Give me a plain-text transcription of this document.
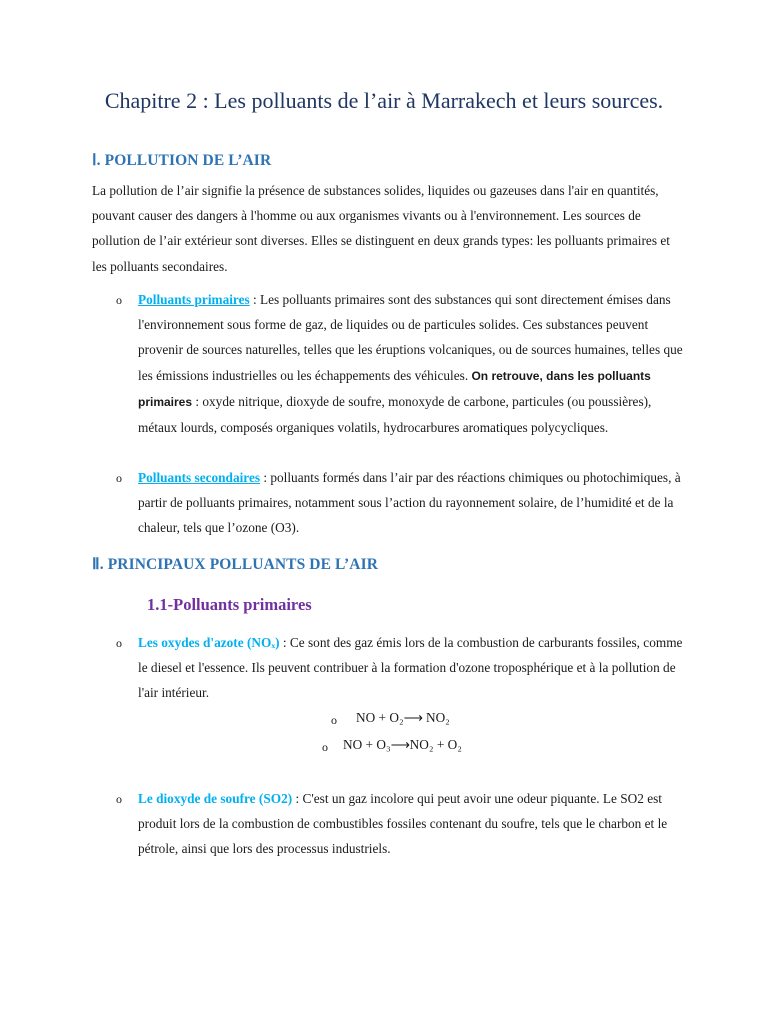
Chapitre 2 : Les polluants de l’air à Marrakech et leurs sources.
Ⅰ. POLLUTION DE L’AIR
La pollution de l’air signifie la présence de substances solides, liquides ou gazeuses dans l'air en quantités, pouvant causer des dangers à l'homme ou aux organismes vivants ou à l'environnement. Les sources de pollution de l’air extérieur sont diverses. Elles se distinguent en deux grands types: les polluants primaires et les polluants secondaires.
o Polluants primaires : Les polluants primaires sont des substances qui sont directement émises dans l'environnement sous forme de gaz, de liquides ou de particules solides. Ces substances peuvent provenir de sources naturelles, telles que les éruptions volcaniques, ou de sources humaines, telles que les émissions industrielles ou les échappements des véhicules. On retrouve, dans les polluants primaires : oxyde nitrique, dioxyde de soufre, monoxyde de carbone, particules (ou poussières), métaux lourds, composés organiques volatils, hydrocarbures aromatiques polycycliques.
o Polluants secondaires : polluants formés dans l’air par des réactions chimiques ou photochimiques, à partir de polluants primaires, notamment sous l’action du rayonnement solaire, de l’humidité et de la chaleur, tels que l’ozone (O3).
Ⅱ. PRINCIPAUX POLLUANTS DE L’AIR
1.1-Polluants primaires
o Les oxydes d'azote (NOₓ) : Ce sont des gaz émis lors de la combustion de carburants fossiles, comme le diesel et l'essence. Ils peuvent contribuer à la formation d'ozone troposphérique et à la pollution de l'air intérieur.
o NO + O₂⟶ NO₂
o NO + O₃⟶NO₂ + O₂
o Le dioxyde de soufre (SO2) : C'est un gaz incolore qui peut avoir une odeur piquante. Le SO2 est produit lors de la combustion de combustibles fossiles contenant du soufre, tels que le charbon et le pétrole, ainsi que lors des processus industriels.
